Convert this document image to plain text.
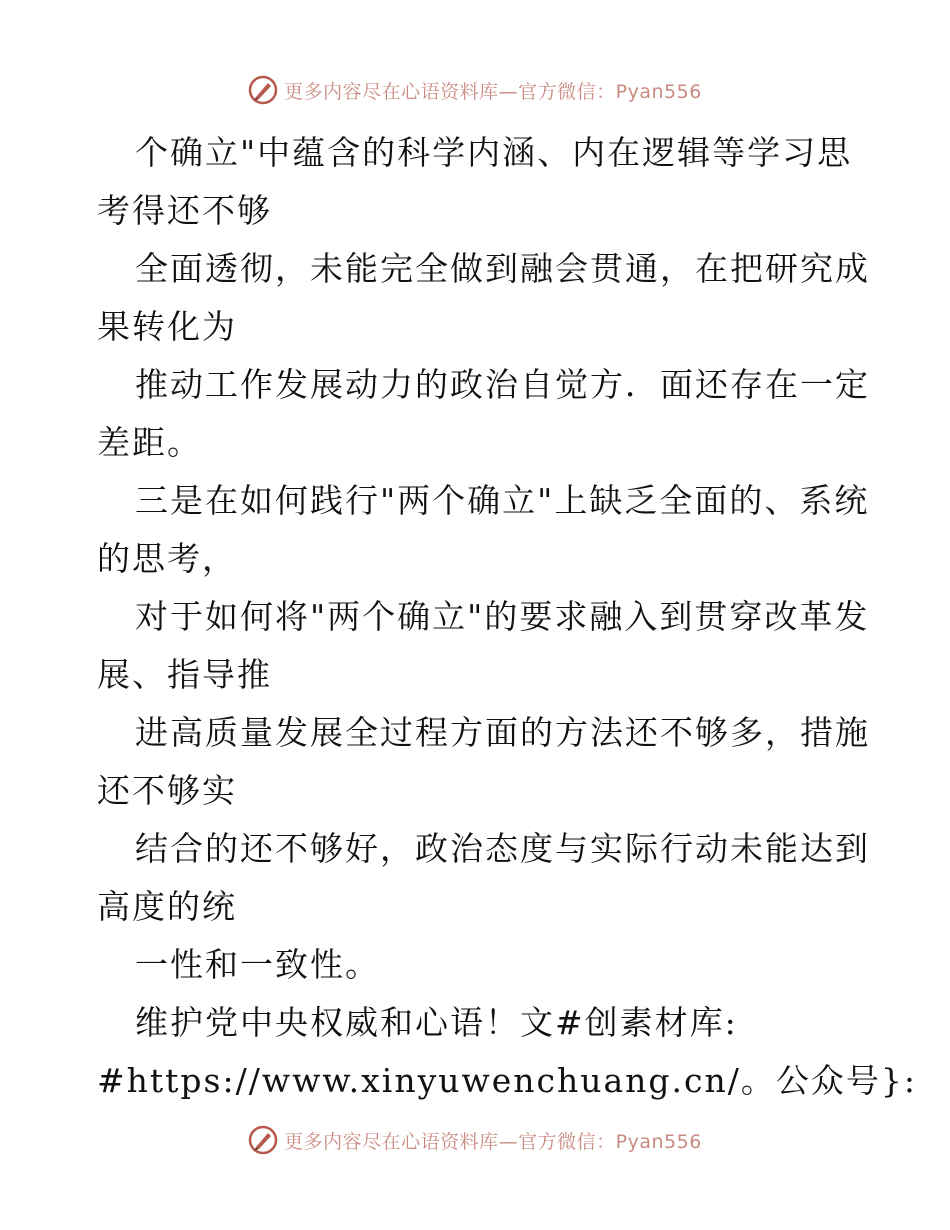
更多内容尽在心语资料库—官方微信：Pyan556
个确立"中蕴含的科学内涵、内在逻辑等学习思
考得还不够
全面透彻，未能完全做到融会贯通，在把研究成
果转化为
推动工作发展动力的政治自觉方．面还存在一定
差距。
三是在如何践行"两个确立"上缺乏全面的、系统
的思考，
对于如何将"两个确立"的要求融入到贯穿改革发
展、指导推
进高质量发展全过程方面的方法还不够多，措施
还不够实
结合的还不够好，政治态度与实际行动未能达到
高度的统
一性和一致性。
维护党中央权威和心语！文#创素材库:
#https://www.xinyuwenchuang.cn/。公众号}:
更多内容尽在心语资料库—官方微信：Pyan556
